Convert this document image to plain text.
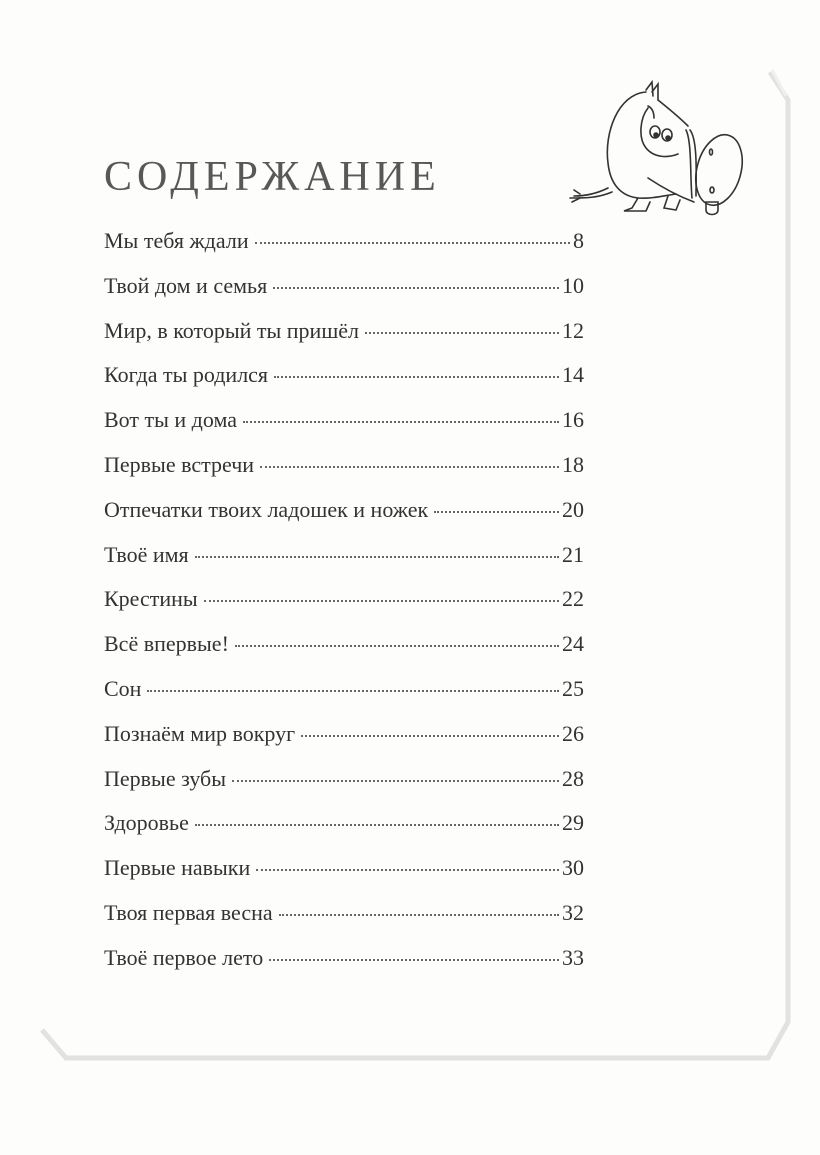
СОДЕРЖАНИЕ
Мы тебя ждали	8
Твой дом и семья	10
Мир, в который ты пришёл	12
Когда ты родился	14
Вот ты и дома	16
Первые встречи	18
Отпечатки твоих ладошек и ножек	20
Твоё имя	21
Крестины	22
Всё впервые!	24
Сон	25
Познаём мир вокруг	26
Первые зубы	28
Здоровье	29
Первые навыки	30
Твоя первая весна	32
Твоё первое лето	33
